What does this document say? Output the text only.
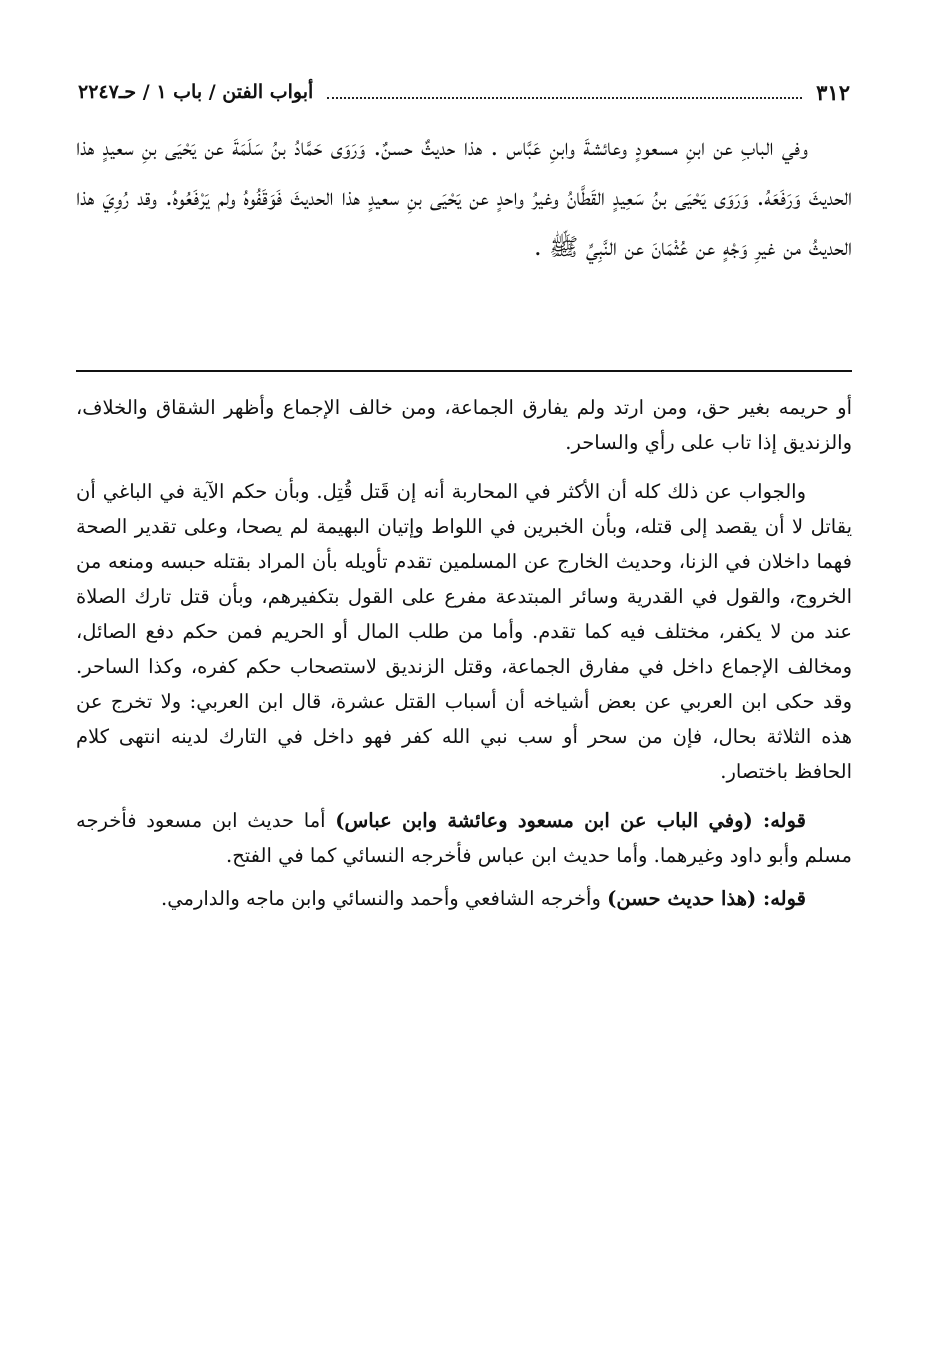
٣١٢
أبواب الفتن / باب ١ / حـ٢٢٤٧

وفي البابِ عن ابنِ مسعودٍ وعائشةَ وابنِ عَبَّاس . هذا حديثٌ حسنٌ. وَرَوَى حَمَّادُ بنُ سَلَمَةَ عن يَحْيَى بنِ سعيدٍ هذا الحديثَ وَرَفَعَهُ. وَرَوَى يَحْيَى بنُ سَعِيدٍ القَطَّانُ وغيرُ واحدٍ عن يَحْيَى بنِ سعيدٍ هذا الحديثَ فَوَقَفُوهُ ولم يَرْفَعُوهُ. وقد رُوِيَ هذا الحديثُ من غيرِ وَجْهٍ عن عُثْمَانَ عن النَّبِيِّ ﷺ .

أو حريمه بغير حق، ومن ارتد ولم يفارق الجماعة، ومن خالف الإجماع وأظهر الشقاق والخلاف، والزنديق إذا تاب على رأي والساحر.

والجواب عن ذلك كله أن الأكثر في المحاربة أنه إن قَتل قُتِل. وبأن حكم الآية في الباغي أن يقاتل لا أن يقصد إلى قتله، وبأن الخبرين في اللواط وإتيان البهيمة لم يصحا، وعلى تقدير الصحة فهما داخلان في الزنا، وحديث الخارج عن المسلمين تقدم تأويله بأن المراد بقتله حبسه ومنعه من الخروج، والقول في القدرية وسائر المبتدعة مفرع على القول بتكفيرهم، وبأن قتل تارك الصلاة عند من لا يكفر، مختلف فيه كما تقدم. وأما من طلب المال أو الحريم فمن حكم دفع الصائل، ومخالف الإجماع داخل في مفارق الجماعة، وقتل الزنديق لاستصحاب حكم كفره، وكذا الساحر. وقد حكى ابن العربي عن بعض أشياخه أن أسباب القتل عشرة، قال ابن العربي: ولا تخرج عن هذه الثلاثة بحال، فإن من سحر أو سب نبي الله كفر فهو داخل في التارك لدينه انتهى كلام الحافظ باختصار.

قوله: (وفي الباب عن ابن مسعود وعائشة وابن عباس) أما حديث ابن مسعود فأخرجه مسلم وأبو داود وغيرهما. وأما حديث ابن عباس فأخرجه النسائي كما في الفتح.

قوله: (هذا حديث حسن) وأخرجه الشافعي وأحمد والنسائي وابن ماجه والدارمي.
